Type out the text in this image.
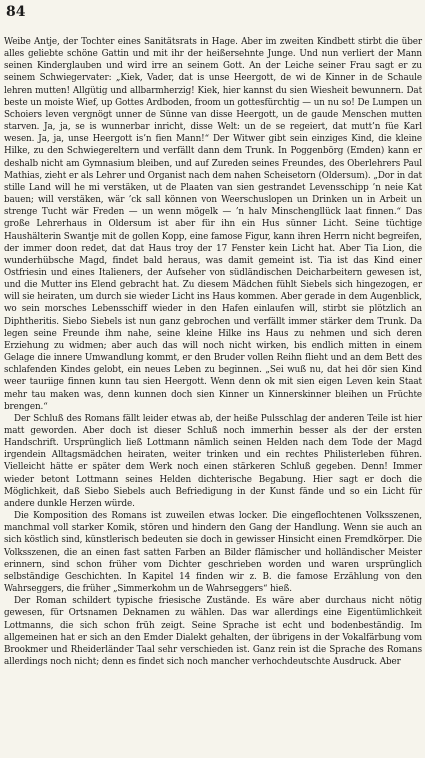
84

Weibe Antje, der Tochter eines Sanitätsrats in Hage. Aber im zweiten Kindbett stirbt die über alles geliebte schöne Gattin und mit ihr der heißersehnte Junge. Und nun verliert der Mann seinen Kinderglauben und wird irre an seinem Gott. An der Leiche seiner Frau sagt er zu seinem Schwiegervater: „Kiek, Vader, dat is unse Heergott, de wi de Kinner in de Schaule lehren mutten! Allgütig und allbarmherzig! Kiek, hier kannst du sien Wiesheit bewunnern. Dat beste un moiste Wief, up Gottes Ardboden, froom un gottesfürchtig — un nu so! De Lumpen un Schoiers leven vergnögt unner de Sünne van disse Heergott, un de gaude Menschen mutten starven. Ja, ja, se is wunnerbar inricht, disse Welt: un de se regeiert, dat mutt’n füe Karl wesen. Ja, ja, unse Heergott is’n fien Mann!“ Der Witwer gibt sein einziges Kind, die kleine Hilke, zu den Schwiegereltern und verfällt dann dem Trunk. In Poggenbörg (Emden) kann er deshalb nicht am Gymnasium bleiben, und auf Zureden seines Freundes, des Oberlehrers Paul Mathias, zieht er als Lehrer und Organist nach dem nahen Scheisetorn (Oldersum). „Dor in dat stille Land will he mi verstäken, ut de Plaaten van sien gestrandet Levensschipp ’n neie Kat bauen; will verstäken, wär ’ck sall können von Weerschuslopen un Drinken un in Arbeit un strenge Tucht wär Freden — un wenn mögelk — ’n halv Minschengllück laat finnen.“ Das große Lehrerhaus in Oldersum ist aber für ihn ein Hus sünner Licht. Seine tüchtige Haushälterin Swantje mit de gollen Kopp, eine famose Figur, kann ihren Herrn nicht begreifen, der immer doon redet, dat dat Haus troy der 17 Fenster kein Licht hat. Aber Tia Lion, die wunderhübsche Magd, findet bald heraus, was damit gemeint ist. Tia ist das Kind einer Ostfriesin und eines Italieners, der Aufseher von südländischen Deicharbeitern gewesen ist, und die Mutter ins Elend gebracht hat. Zu diesem Mädchen fühlt Siebels sich hingezogen, er will sie heiraten, um durch sie wieder Licht ins Haus kommen. Aber gerade in dem Augenblick, wo sein morsches Lebensschiff wieder in den Hafen einlaufen will, stirbt sie plötzlich an Diphtheritis. Siebo Siebels ist nun ganz gebrochen und verfällt immer stärker dem Trunk. Da legen seine Freunde ihm nahe, seine kleine Hilke ins Haus zu nehmen und sich deren Erziehung zu widmen; aber auch das will noch nicht wirken, bis endlich mitten in einem Gelage die innere Umwandlung kommt, er den Bruder vollen Reihn flieht und an dem Bett des schlafenden Kindes gelobt, ein neues Leben zu beginnen. „Sei wuß nu, dat hei dör sien Kind weer tauriige finnen kunn tau sien Heergott. Wenn denn ok mit sien eigen Leven kein Staat mehr tau maken was, denn kunnen doch sien Kinner un Kinnerskinner bleihen un Früchte brengen.“

Der Schluß des Romans fällt leider etwas ab, der heiße Pulsschlag der anderen Teile ist hier matt geworden. Aber doch ist dieser Schluß noch immerhin besser als der der ersten Handschrift. Ursprünglich ließ Lottmann nämlich seinen Helden nach dem Tode der Magd irgendein Alltagsmädchen heiraten, weiter trinken und ein rechtes Philisterleben führen. Vielleicht hätte er später dem Werk noch einen stärkeren Schluß gegeben. Denn! Immer wieder betont Lottmann seines Helden dichterische Begabung. Hier sagt er doch die Möglichkeit, daß Siebo Siebels auch Befriedigung in der Kunst fände und so ein Licht für andere dunkle Herzen würde.

Die Komposition des Romans ist zuweilen etwas locker. Die eingeflochtenen Volksszenen, manchmal voll starker Komik, stören und hindern den Gang der Handlung. Wenn sie auch an sich köstlich sind, künstlerisch bedeuten sie doch in gewisser Hinsicht einen Fremdkörper. Die Volksszenen, die an einen fast satten Farben an Bilder flämischer und holländischer Meister erinnern, sind schon früher vom Dichter geschrieben worden und waren ursprünglich selbständige Geschichten. In Kapitel 14 finden wir z. B. die famose Erzählung von den Wahrseggers, die früher „Simmerkohm un de Wahrseggers“ hieß.

Der Roman schildert typische friesische Zustände. Es wäre aber durchaus nicht nötig gewesen, für Ortsnamen Deknamen zu wählen. Das war allerdings eine Eigentümlichkeit Lottmanns, die sich schon früh zeigt. Seine Sprache ist echt und bodenbeständig. Im allgemeinen hat er sich an den Emder Dialekt gehalten, der übrigens in der Vokalfärbung vom Brookmer und Rheiderländer Taal sehr verschieden ist. Ganz rein ist die Sprache des Romans allerdings noch nicht; denn es findet sich noch mancher verhochdeutschte Ausdruck. Aber
